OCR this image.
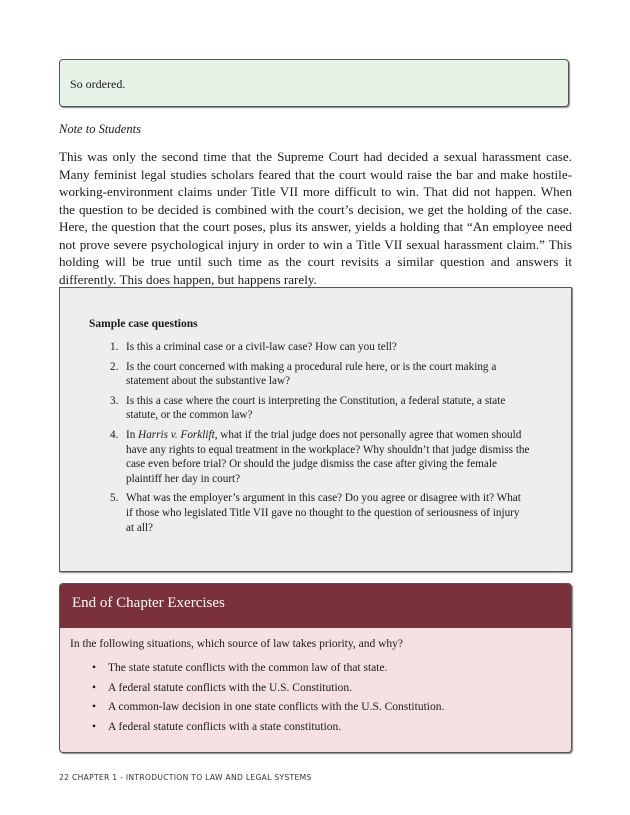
So ordered.
Note to Students
This was only the second time that the Supreme Court had decided a sexual harassment case. Many feminist legal studies scholars feared that the court would raise the bar and make hostile-working-environment claims under Title VII more difficult to win. That did not happen. When the question to be decided is combined with the court’s decision, we get the holding of the case. Here, the question that the court poses, plus its answer, yields a holding that “An employee need not prove severe psychological injury in order to win a Title VII sexual harassment claim.” This holding will be true until such time as the court revisits a similar question and answers it differently. This does happen, but happens rarely.
Sample case questions
1. Is this a criminal case or a civil-law case? How can you tell?
2. Is the court concerned with making a procedural rule here, or is the court making a statement about the substantive law?
3. Is this a case where the court is interpreting the Constitution, a federal statute, a state statute, or the common law?
4. In Harris v. Forklift, what if the trial judge does not personally agree that women should have any rights to equal treatment in the workplace? Why shouldn’t that judge dismiss the case even before trial? Or should the judge dismiss the case after giving the female plaintiff her day in court?
5. What was the employer’s argument in this case? Do you agree or disagree with it? What if those who legislated Title VII gave no thought to the question of seriousness of injury at all?
End of Chapter Exercises
In the following situations, which source of law takes priority, and why?
• The state statute conflicts with the common law of that state.
• A federal statute conflicts with the U.S. Constitution.
• A common-law decision in one state conflicts with the U.S. Constitution.
• A federal statute conflicts with a state constitution.
22 CHAPTER 1 - INTRODUCTION TO LAW AND LEGAL SYSTEMS
